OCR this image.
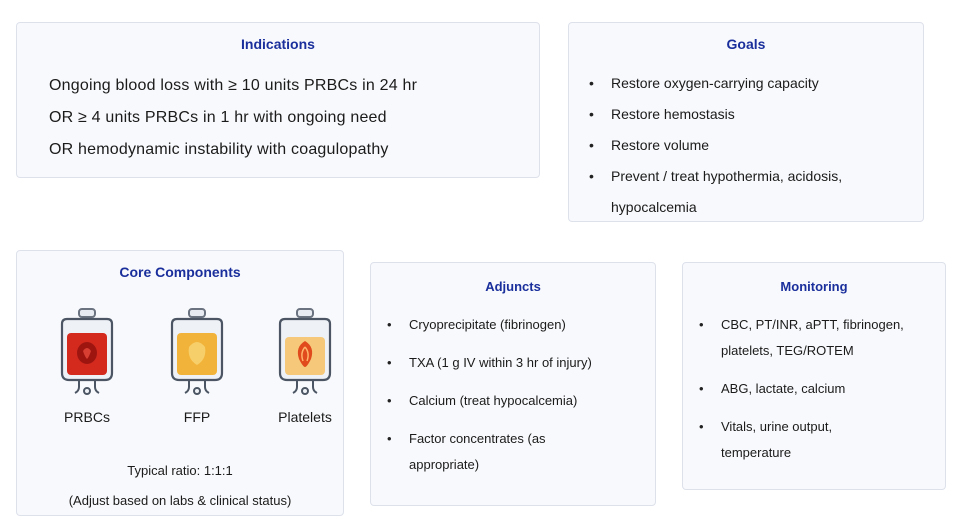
Indications
Ongoing blood loss with ≥ 10 units PRBCs in 24 hr
OR ≥ 4 units PRBCs in 1 hr with ongoing need
OR hemodynamic instability with coagulopathy
Goals
• Restore oxygen-carrying capacity
• Restore hemostasis
• Restore volume
• Prevent / treat hypothermia, acidosis, hypocalcemia
Core Components
PRBCs	FFP	Platelets
Typical ratio: 1:1:1
(Adjust based on labs & clinical status)
Adjuncts
• Cryoprecipitate (fibrinogen)
• TXA (1 g IV within 3 hr of injury)
• Calcium (treat hypocalcemia)
• Factor concentrates (as appropriate)
Monitoring
• CBC, PT/INR, aPTT, fibrinogen, platelets, TEG/ROTEM
• ABG, lactate, calcium
• Vitals, urine output, temperature
